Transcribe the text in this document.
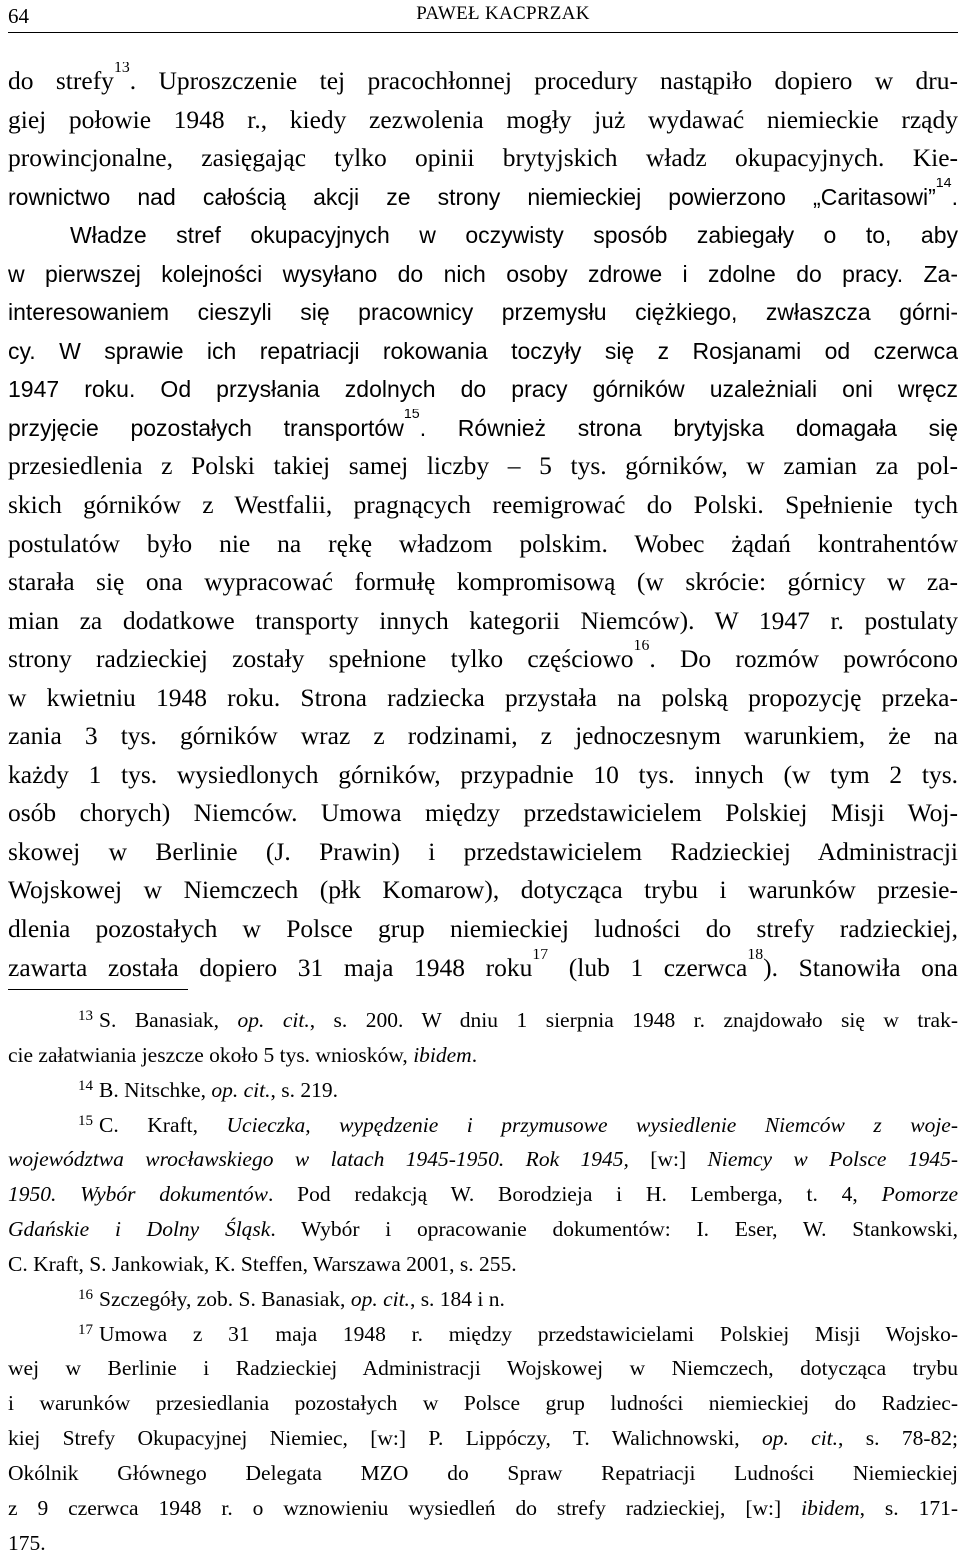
64	PAWEŁ KACPRZAK
do strefy$^{13}$. Uproszczenie tej pracochłonnej procedury nastąpiło dopiero w dru-
giej połowie 1948 r., kiedy zezwolenia mogły już wydawać niemieckie rządy
prowincjonalne, zasięgając tylko opinii brytyjskich władz okupacyjnych. Kie-
rownictwo nad całością akcji ze strony niemieckiej powierzono „Caritasowi”$^{14}$.
Władze stref okupacyjnych w oczywisty sposób zabiegały o to, aby
w pierwszej kolejności wysyłano do nich osoby zdrowe i zdolne do pracy. Za-
interesowaniem cieszyli się pracownicy przemysłu ciężkiego, zwłaszcza górni-
cy. W sprawie ich repatriacji rokowania toczyły się z Rosjanami od czerwca
1947 roku. Od przysłania zdolnych do pracy górników uzależniali oni wręcz
przyjęcie pozostałych transportów$^{15}$. Również strona brytyjska domagała się
przesiedlenia z Polski takiej samej liczby – 5 tys. górników, w zamian za pol-
skich górników z Westfalii, pragnących reemigrować do Polski. Spełnienie tych
postulatów było nie na rękę władzom polskim. Wobec żądań kontrahentów
starała się ona wypracować formułę kompromisową (w skrócie: górnicy w za-
mian za dodatkowe transporty innych kategorii Niemców). W 1947 r. postulaty
strony radzieckiej zostały spełnione tylko częściowo$^{16}$. Do rozmów powrócono
w kwietniu 1948 roku. Strona radziecka przystała na polską propozycję przeka-
zania 3 tys. górników wraz z rodzinami, z jednoczesnym warunkiem, że na
każdy 1 tys. wysiedlonych górników, przypadnie 10 tys. innych (w tym 2 tys.
osób chorych) Niemców. Umowa między przedstawicielem Polskiej Misji Woj-
skowej w Berlinie (J. Prawin) i przedstawicielem Radzieckiej Administracji
Wojskowej w Niemczech (płk Komarow), dotycząca trybu i warunków przesie-
dlenia pozostałych w Polsce grup niemieckiej ludności do strefy radzieckiej,
zawarta została dopiero 31 maja 1948 roku$^{17}$ (lub 1 czerwca$^{18}$). Stanowiła ona
$^{13}$ S. Banasiak, op. cit., s. 200. W dniu 1 sierpnia 1948 r. znajdowało się w trak-
cie załatwiania jeszcze około 5 tys. wniosków, ibidem.
$^{14}$ B. Nitschke, op. cit., s. 219.
$^{15}$ C. Kraft, Ucieczka, wypędzenie i przymusowe wysiedlenie Niemców z woje-
województwa wrocławskiego w latach 1945-1950. Rok 1945, [w:] Niemcy w Polsce 1945-
1950. Wybór dokumentów. Pod redakcją W. Borodzieja i H. Lemberga, t. 4, Pomorze
Gdańskie i Dolny Śląsk. Wybór i opracowanie dokumentów: I. Eser, W. Stankowski,
C. Kraft, S. Jankowiak, K. Steffen, Warszawa 2001, s. 255.
$^{16}$ Szczegóły, zob. S. Banasiak, op. cit., s. 184 i n.
$^{17}$ Umowa z 31 maja 1948 r. między przedstawicielami Polskiej Misji Wojsko-
wej w Berlinie i Radzieckiej Administracji Wojskowej w Niemczech, dotycząca trybu
i warunków przesiedlania pozostałych w Polsce grup ludności niemieckiej do Radziec-
kiej Strefy Okupacyjnej Niemiec, [w:] P. Lippóczy, T. Walichnowski, op. cit., s. 78-82;
Okólnik Głównego Delegata MZO do Spraw Repatriacji Ludności Niemieckiej
z 9 czerwca 1948 r. o wznowieniu wysiedleń do strefy radzieckiej, [w:] ibidem, s. 171-
175.
